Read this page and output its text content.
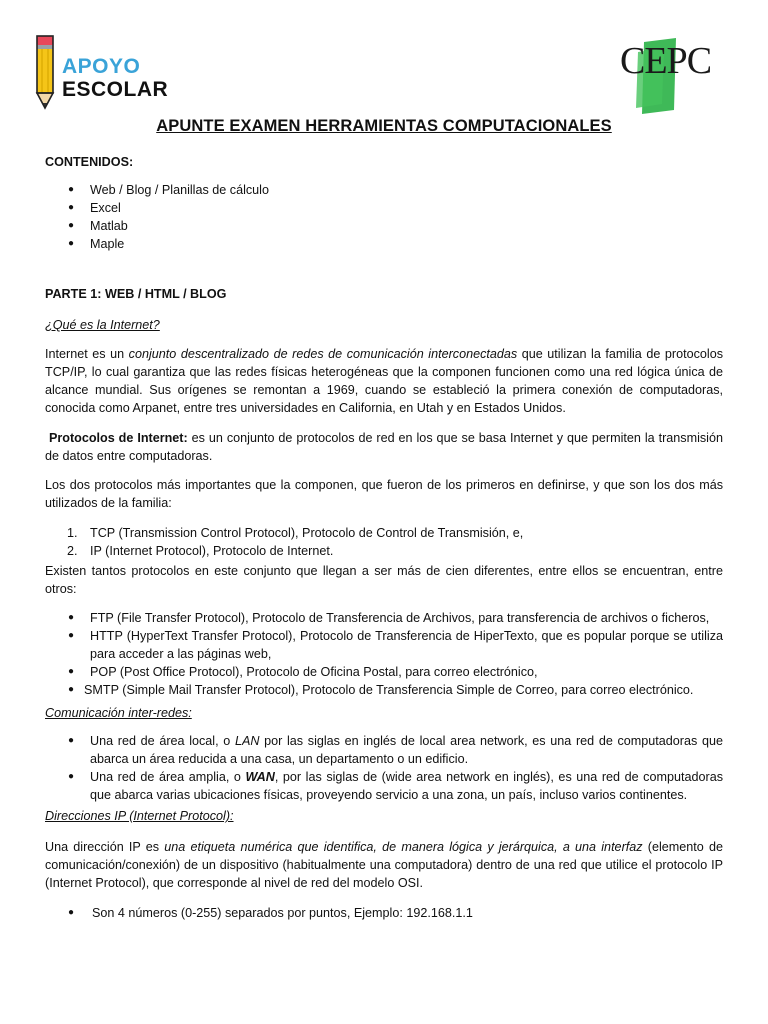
APOYO
ESCOLAR
CEPC
APUNTE EXAMEN HERRAMIENTAS COMPUTACIONALES
CONTENIDOS:
● Web / Blog / Planillas de cálculo
● Excel
● Matlab
● Maple
PARTE 1: WEB / HTML / BLOG
¿Qué es la Internet?
Internet es un conjunto descentralizado de redes de comunicación interconectadas que utilizan la familia de protocolos TCP/IP, lo cual garantiza que las redes físicas heterogéneas que la componen funcionen como una red lógica única de alcance mundial. Sus orígenes se remontan a 1969, cuando se estableció la primera conexión de computadoras, conocida como Arpanet, entre tres universidades en California, en Utah y en Estados Unidos.
Protocolos de Internet: es un conjunto de protocolos de red en los que se basa Internet y que permiten la transmisión de datos entre computadoras.
Los dos protocolos más importantes que la componen, que fueron de los primeros en definirse, y que son los dos más utilizados de la familia:
1. TCP (Transmission Control Protocol), Protocolo de Control de Transmisión, e,
2. IP (Internet Protocol), Protocolo de Internet.
Existen tantos protocolos en este conjunto que llegan a ser más de cien diferentes, entre ellos se encuentran, entre otros:
● FTP (File Transfer Protocol), Protocolo de Transferencia de Archivos, para transferencia de archivos o ficheros,
● HTTP (HyperText Transfer Protocol), Protocolo de Transferencia de HiperTexto, que es popular porque se utiliza para acceder a las páginas web,
● POP (Post Office Protocol), Protocolo de Oficina Postal, para correo electrónico,
● SMTP (Simple Mail Transfer Protocol), Protocolo de Transferencia Simple de Correo, para correo electrónico.
Comunicación inter-redes:
● Una red de área local, o LAN por las siglas en inglés de local area network, es una red de computadoras que abarca un área reducida a una casa, un departamento o un edificio.
● Una red de área amplia, o WAN, por las siglas de (wide area network en inglés), es una red de computadoras que abarca varias ubicaciones físicas, proveyendo servicio a una zona, un país, incluso varios continentes.
Direcciones IP (Internet Protocol):
Una dirección IP es una etiqueta numérica que identifica, de manera lógica y jerárquica, a una interfaz (elemento de comunicación/conexión) de un dispositivo (habitualmente una computadora) dentro de una red que utilice el protocolo IP (Internet Protocol), que corresponde al nivel de red del modelo OSI.
● Son 4 números (0-255) separados por puntos, Ejemplo: 192.168.1.1
